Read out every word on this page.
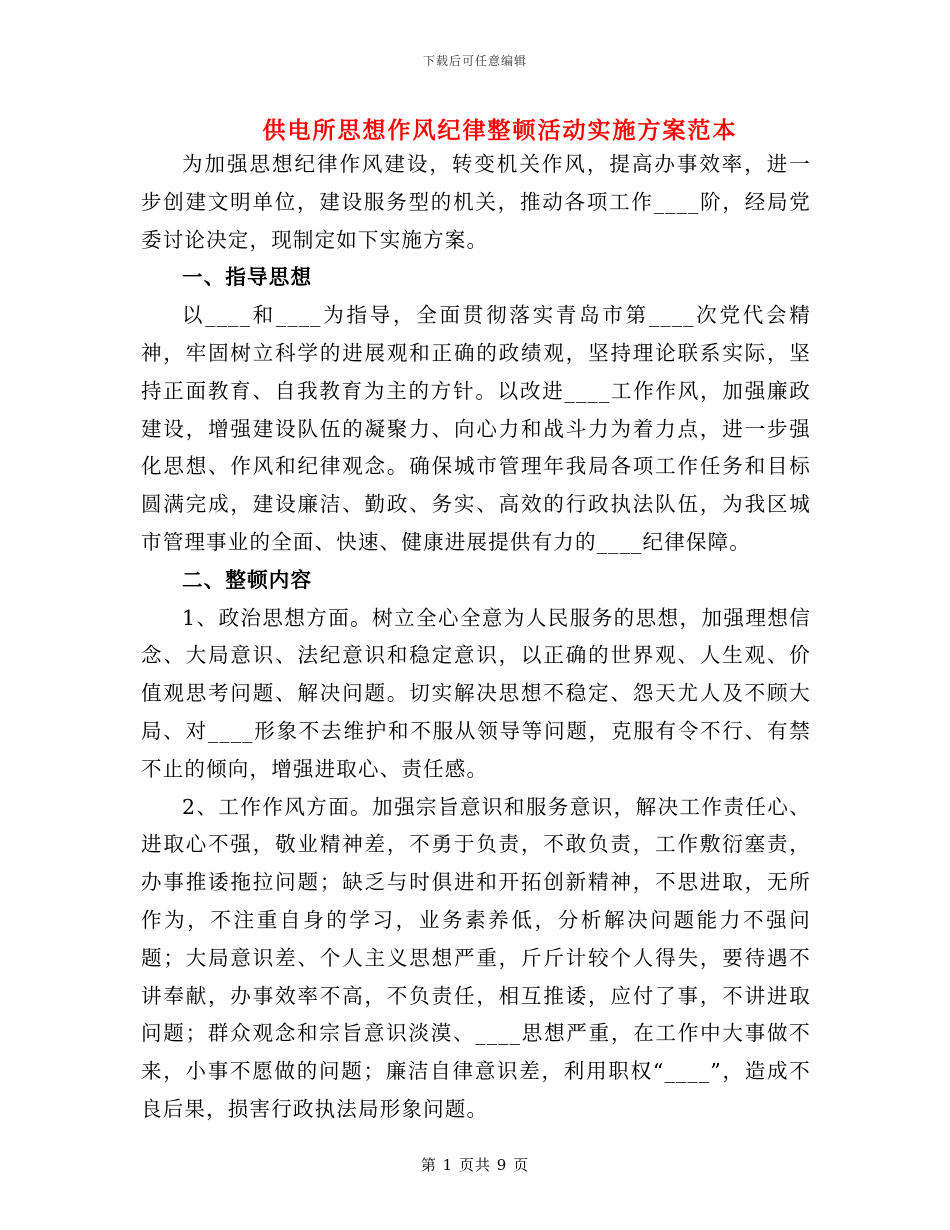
下载后可任意编辑
供电所思想作风纪律整顿活动实施方案范本

为加强思想纪律作风建设，转变机关作风，提高办事效率，进一步创建文明单位，建设服务型的机关，推动各项工作____阶，经局党委讨论决定，现制定如下实施方案。

一、指导思想

以____和____为指导，全面贯彻落实青岛市第____次党代会精神，牢固树立科学的进展观和正确的政绩观，坚持理论联系实际，坚持正面教育、自我教育为主的方针。以改进____工作作风，加强廉政建设，增强建设队伍的凝聚力、向心力和战斗力为着力点，进一步强化思想、作风和纪律观念。确保城市管理年我局各项工作任务和目标圆满完成，建设廉洁、勤政、务实、高效的行政执法队伍，为我区城市管理事业的全面、快速、健康进展提供有力的____纪律保障。

二、整顿内容

1、政治思想方面。树立全心全意为人民服务的思想，加强理想信念、大局意识、法纪意识和稳定意识，以正确的世界观、人生观、价值观思考问题、解决问题。切实解决思想不稳定、怨天尤人及不顾大局、对____形象不去维护和不服从领导等问题，克服有令不行、有禁不止的倾向，增强进取心、责任感。

2、工作作风方面。加强宗旨意识和服务意识，解决工作责任心、进取心不强，敬业精神差，不勇于负责，不敢负责，工作敷衍塞责，办事推诿拖拉问题；缺乏与时俱进和开拓创新精神，不思进取，无所作为，不注重自身的学习，业务素养低，分析解决问题能力不强问题；大局意识差、个人主义思想严重，斤斤计较个人得失，要待遇不讲奉献，办事效率不高，不负责任，相互推诿，应付了事，不讲进取问题；群众观念和宗旨意识淡漠、____思想严重，在工作中大事做不来，小事不愿做的问题；廉洁自律意识差，利用职权“____”，造成不良后果，损害行政执法局形象问题。

第 1 页共 9 页
